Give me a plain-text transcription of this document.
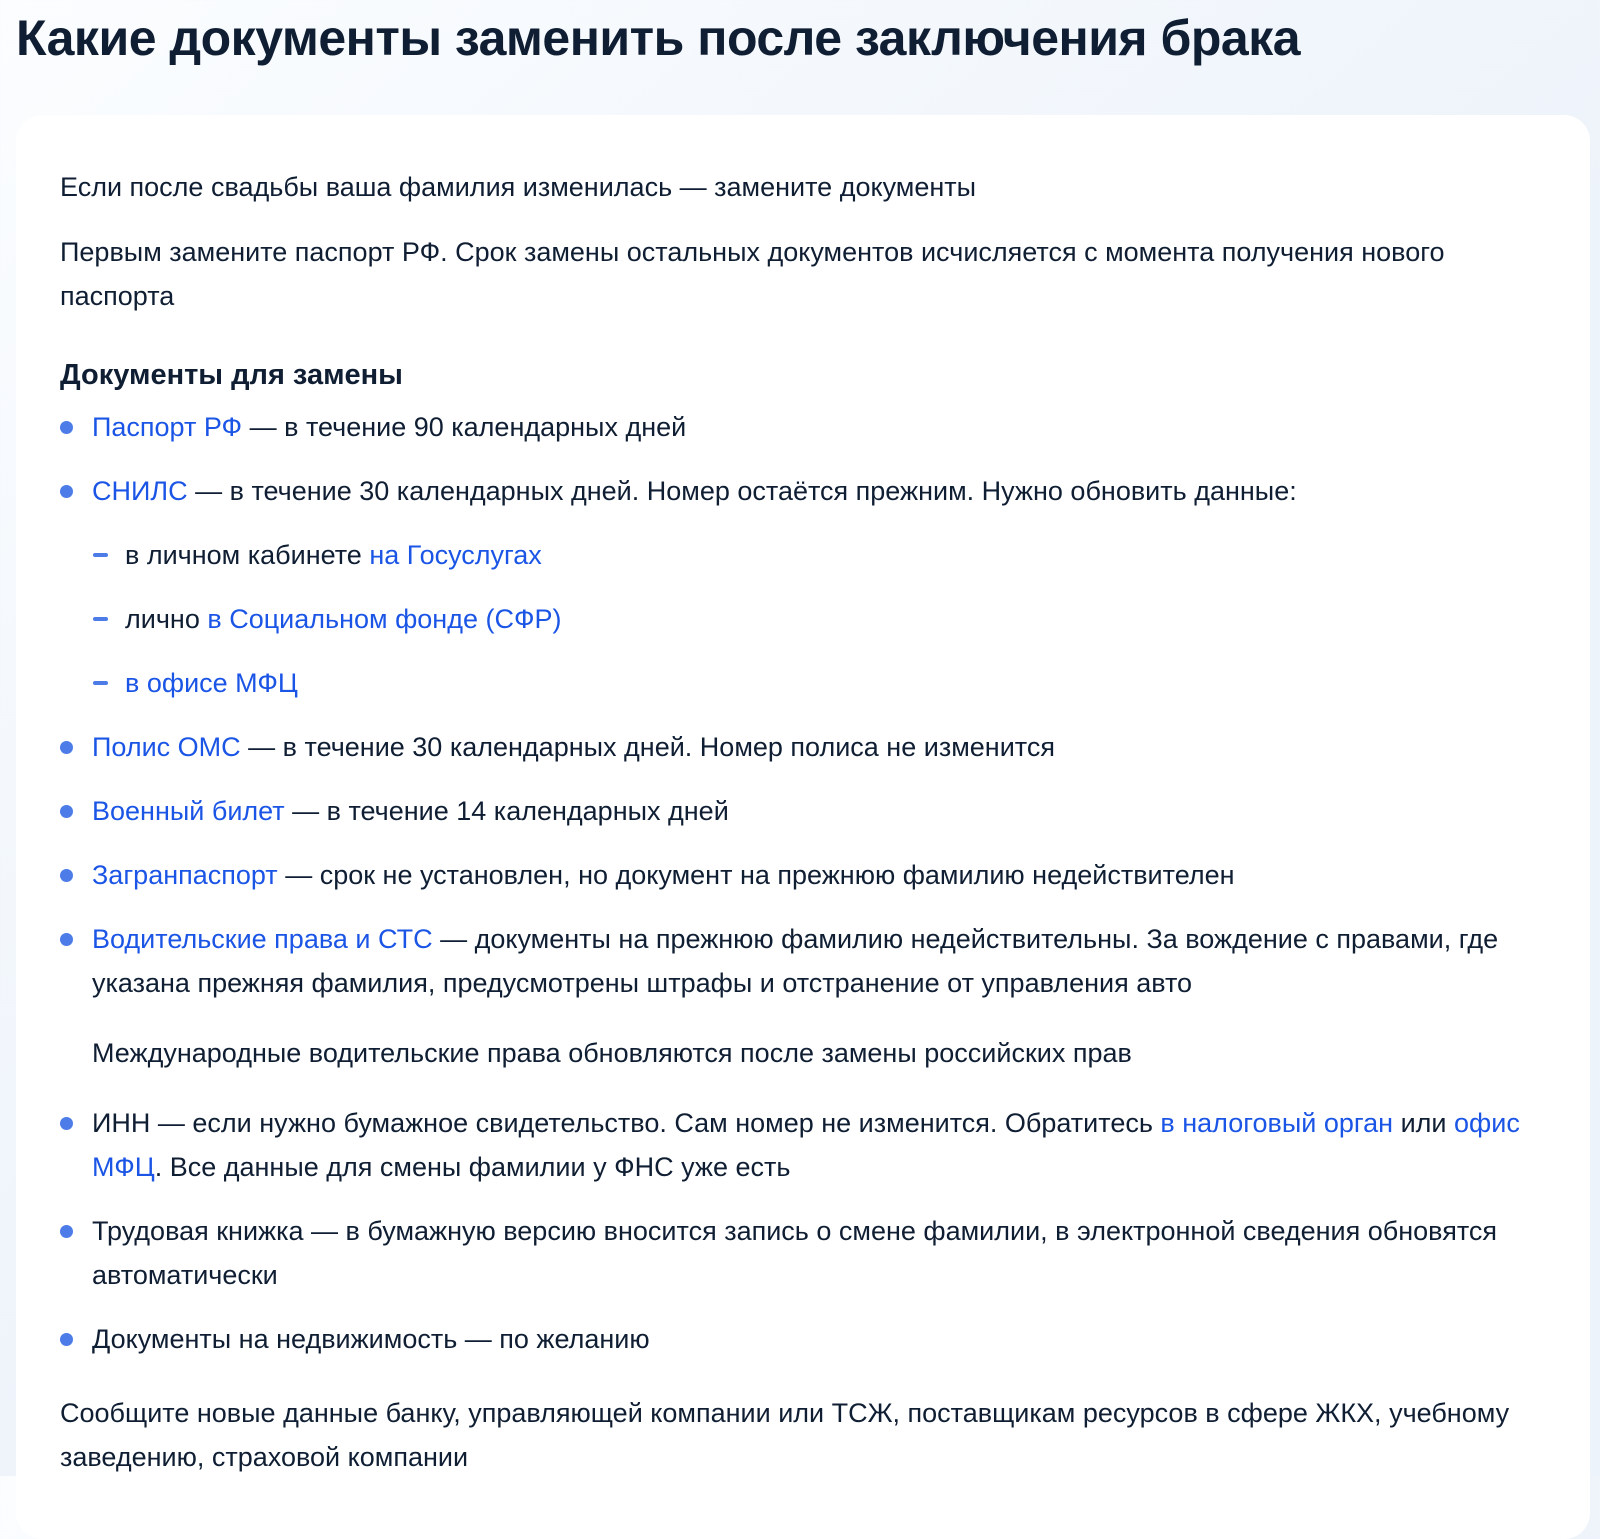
Какие документы заменить после заключения брака

Если после свадьбы ваша фамилия изменилась — замените документы

Первым замените паспорт РФ. Срок замены остальных документов исчисляется с момента получения нового паспорта

Документы для замены
Паспорт РФ — в течение 90 календарных дней
СНИЛС — в течение 30 календарных дней. Номер остаётся прежним. Нужно обновить данные:
в личном кабинете на Госуслугах
лично в Социальном фонде (СФР)
в офисе МФЦ
Полис ОМС — в течение 30 календарных дней. Номер полиса не изменится
Военный билет — в течение 14 календарных дней
Загранпаспорт — срок не установлен, но документ на прежнюю фамилию недействителен
Водительские права и СТС — документы на прежнюю фамилию недействительны. За вождение с правами, где указана прежняя фамилия, предусмотрены штрафы и отстранение от управления авто

Международные водительские права обновляются после замены российских прав

ИНН — если нужно бумажное свидетельство. Сам номер не изменится. Обратитесь в налоговый орган или офис МФЦ. Все данные для смены фамилии у ФНС уже есть
Трудовая книжка — в бумажную версию вносится запись о смене фамилии, в электронной сведения обновятся автоматически
Документы на недвижимость — по желанию

Сообщите новые данные банку, управляющей компании или ТСЖ, поставщикам ресурсов в сфере ЖКХ, учебному заведению, страховой компании
